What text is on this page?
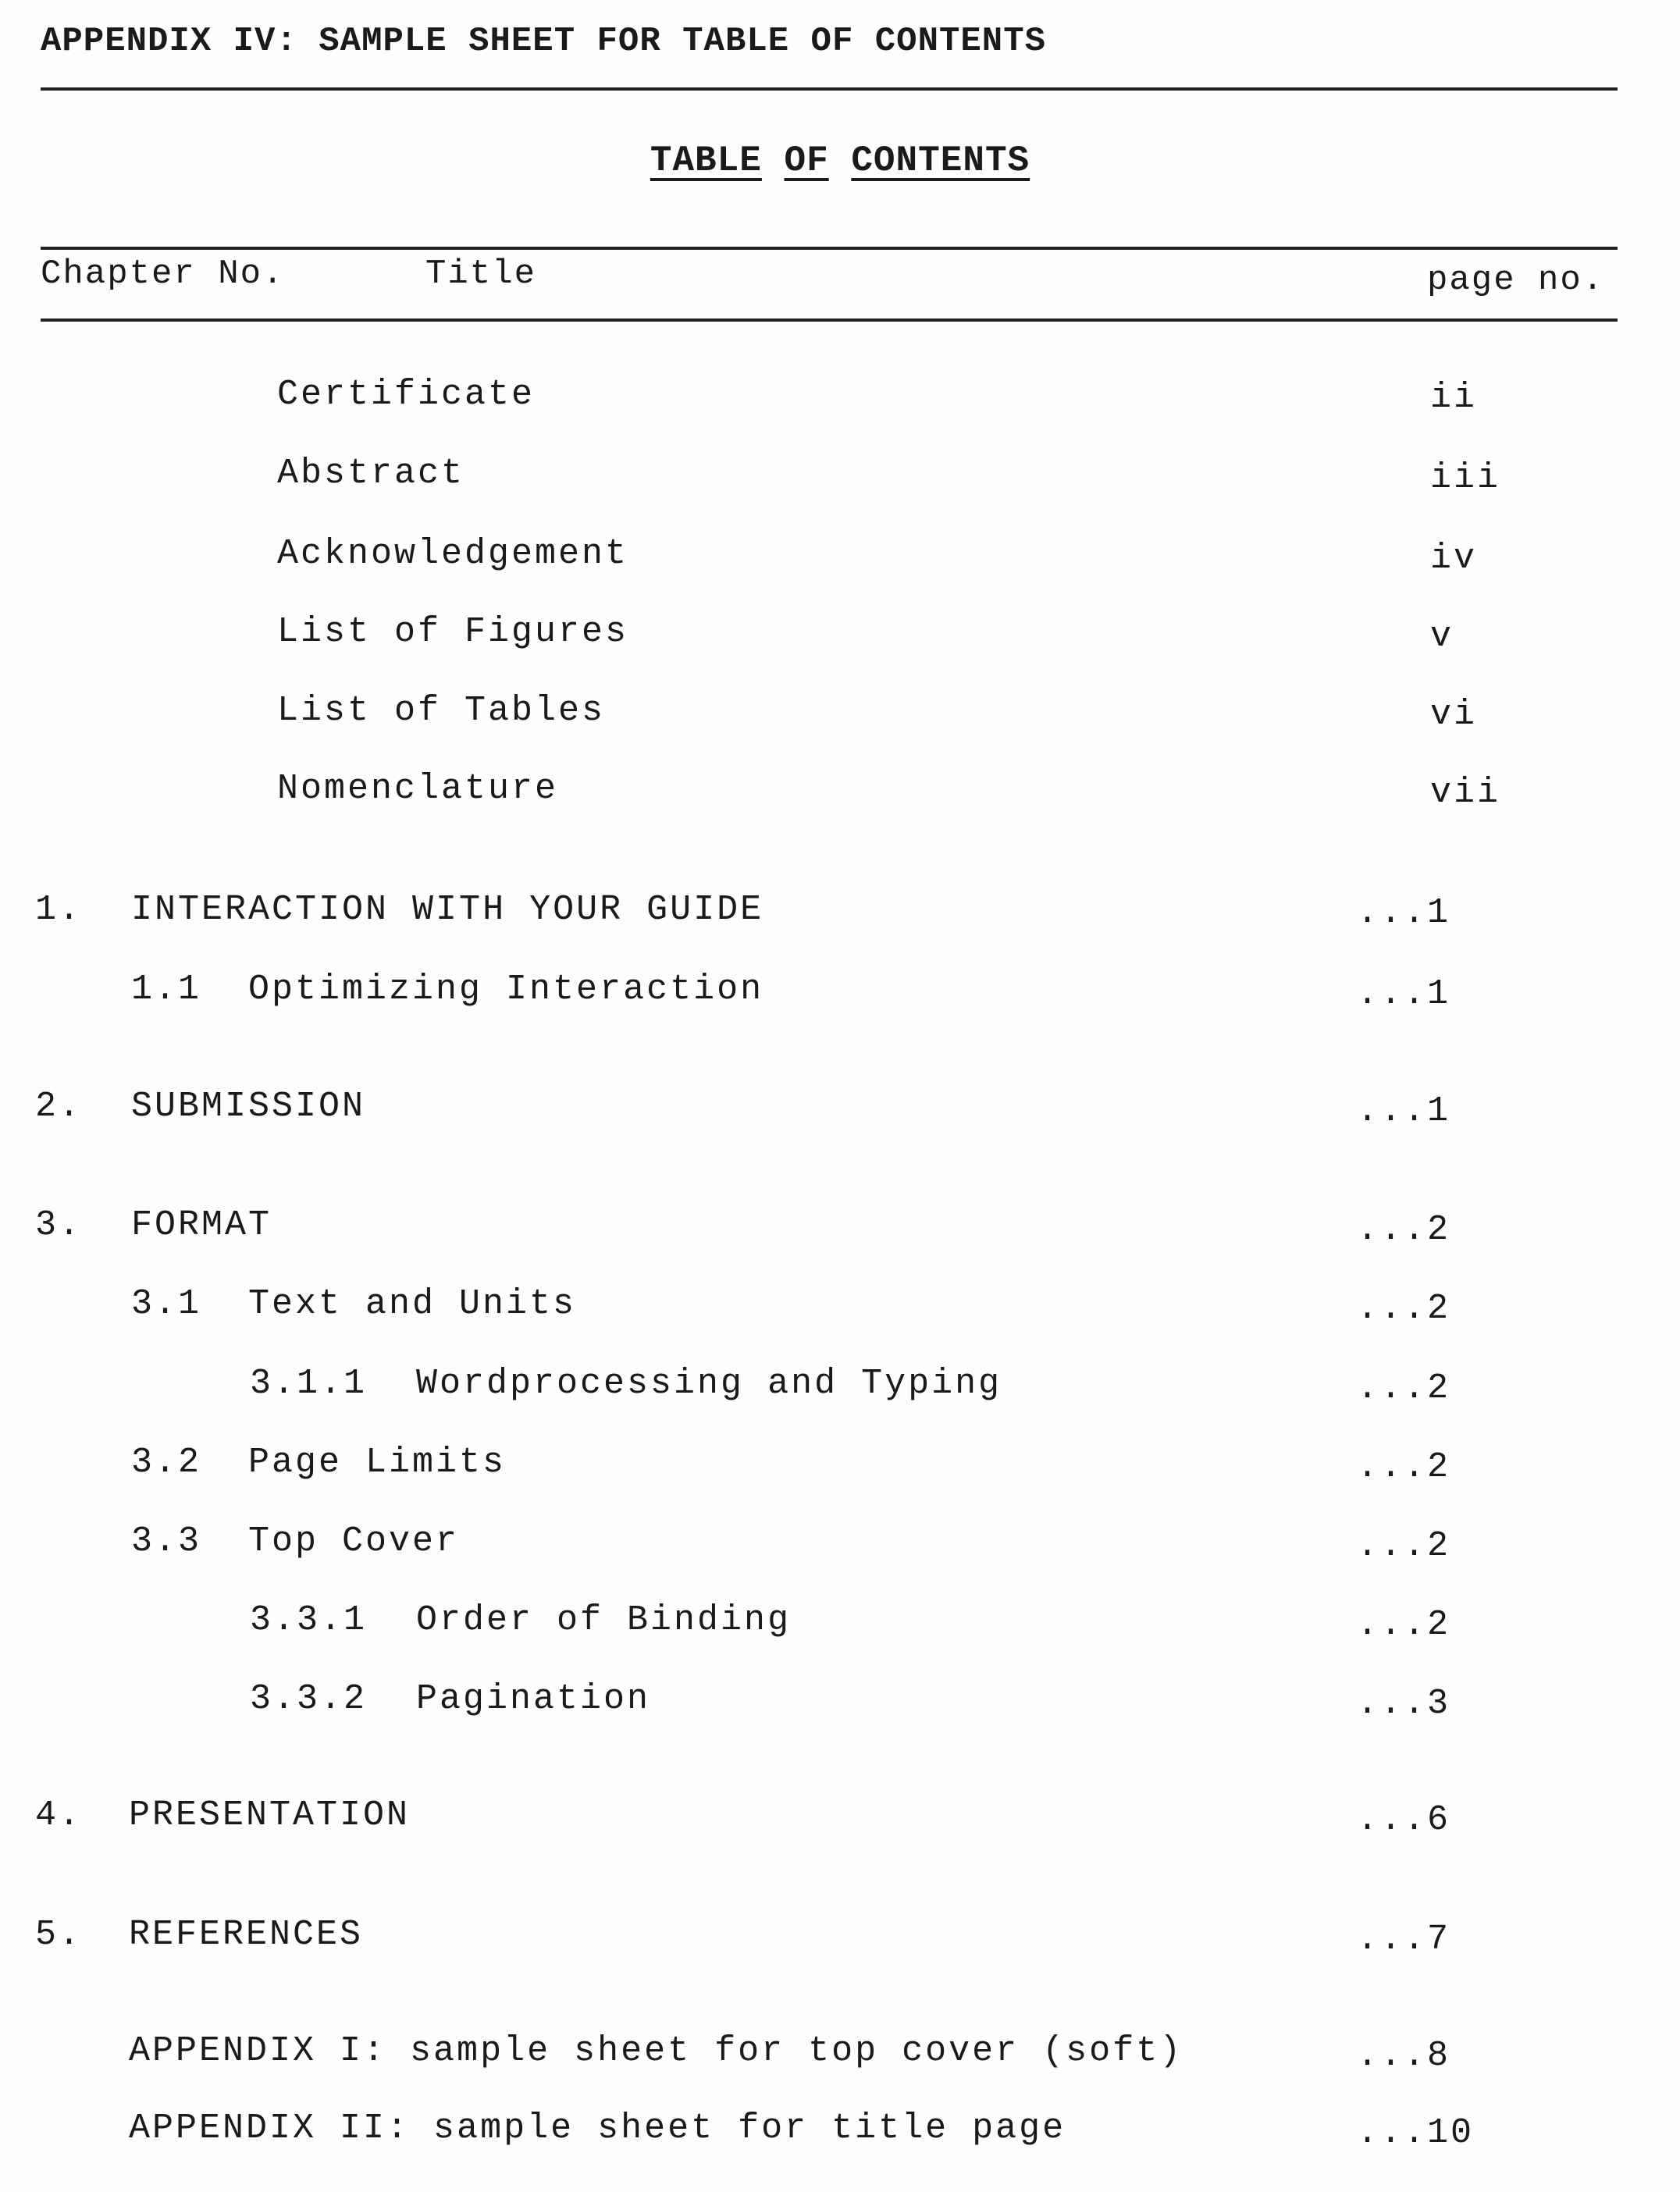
APPENDIX IV: SAMPLE SHEET FOR TABLE OF CONTENTS
TABLE OF CONTENTS
Chapter No.	Title	page no.
Certificate	ii
Abstract	iii
Acknowledgement	iv
List of Figures	v
List of Tables	vi
Nomenclature	vii
1. INTERACTION WITH YOUR GUIDE	...1
1.1 Optimizing Interaction	...1
2. SUBMISSION	...1
3. FORMAT	...2
3.1 Text and Units	...2
3.1.1 Wordprocessing and Typing	...2
3.2 Page Limits	...2
3.3 Top Cover	...2
3.3.1 Order of Binding	...2
3.3.2 Pagination	...3
4. PRESENTATION	...6
5. REFERENCES	...7
APPENDIX I: sample sheet for top cover (soft)	...8
APPENDIX II: sample sheet for title page	...10
